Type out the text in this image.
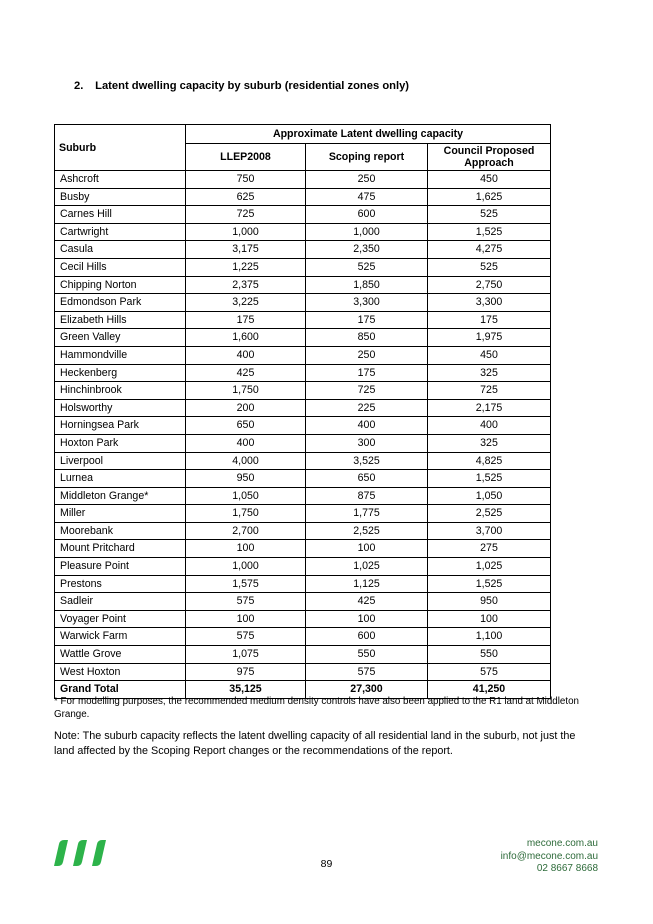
2. Latent dwelling capacity by suburb (residential zones only)
Suburb	Approximate Latent dwelling capacity		
	LLEP2008	Scoping report	Council Proposed Approach
Ashcroft	750	250	450
Busby	625	475	1,625
Carnes Hill	725	600	525
Cartwright	1,000	1,000	1,525
Casula	3,175	2,350	4,275
Cecil Hills	1,225	525	525
Chipping Norton	2,375	1,850	2,750
Edmondson Park	3,225	3,300	3,300
Elizabeth Hills	175	175	175
Green Valley	1,600	850	1,975
Hammondville	400	250	450
Heckenberg	425	175	325
Hinchinbrook	1,750	725	725
Holsworthy	200	225	2,175
Horningsea Park	650	400	400
Hoxton Park	400	300	325
Liverpool	4,000	3,525	4,825
Lurnea	950	650	1,525
Middleton Grange*	1,050	875	1,050
Miller	1,750	1,775	2,525
Moorebank	2,700	2,525	3,700
Mount Pritchard	100	100	275
Pleasure Point	1,000	1,025	1,025
Prestons	1,575	1,125	1,525
Sadleir	575	425	950
Voyager Point	100	100	100
Warwick Farm	575	600	1,100
Wattle Grove	1,075	550	550
West Hoxton	975	575	575
Grand Total	35,125	27,300	41,250
* For modelling purposes, the recommended medium density controls have also been applied to the R1 land at Middleton Grange.
Note: The suburb capacity reflects the latent dwelling capacity of all residential land in the suburb, not just the land affected by the Scoping Report changes or the recommendations of the report.
89
mecone.com.au
info@mecone.com.au
02 8667 8668
